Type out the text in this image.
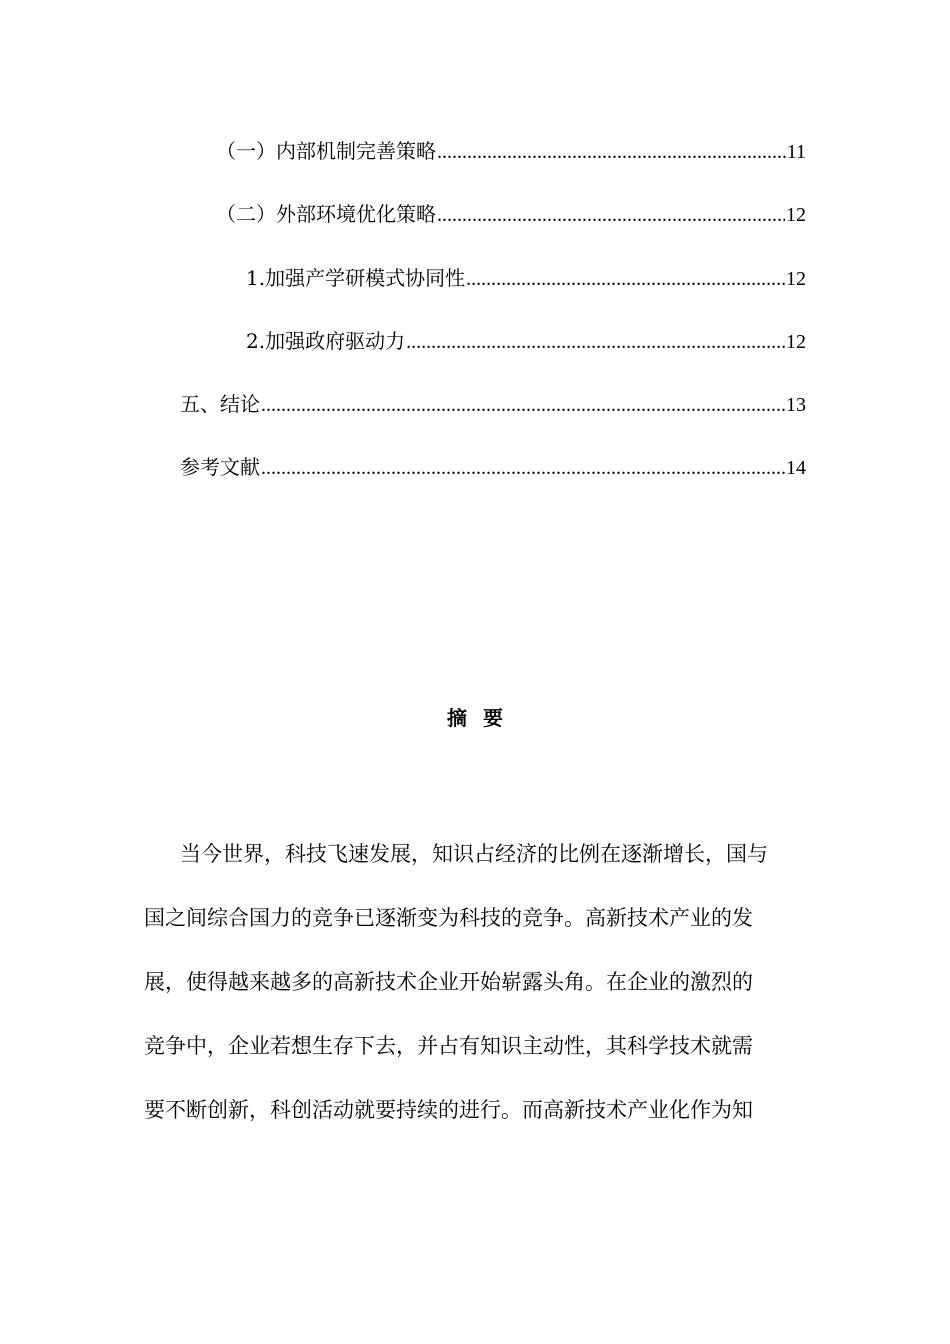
（一）内部机制完善策略 .....	11
（二）外部环境优化策略 .....	12
1.加强产学研模式协同性 .....	12
2.加强政府驱动力 .....	12
五、结论 .....	13
参考文献 .....	14
摘要
当今世界，科技飞速发展，知识占经济的比例在逐渐增长，国与
国之间综合国力的竞争已逐渐变为科技的竞争。高新技术产业的发
展，使得越来越多的高新技术企业开始崭露头角。在企业的激烈的
竞争中，企业若想生存下去，并占有知识主动性，其科学技术就需
要不断创新，科创活动就要持续的进行。而高新技术产业化作为知
